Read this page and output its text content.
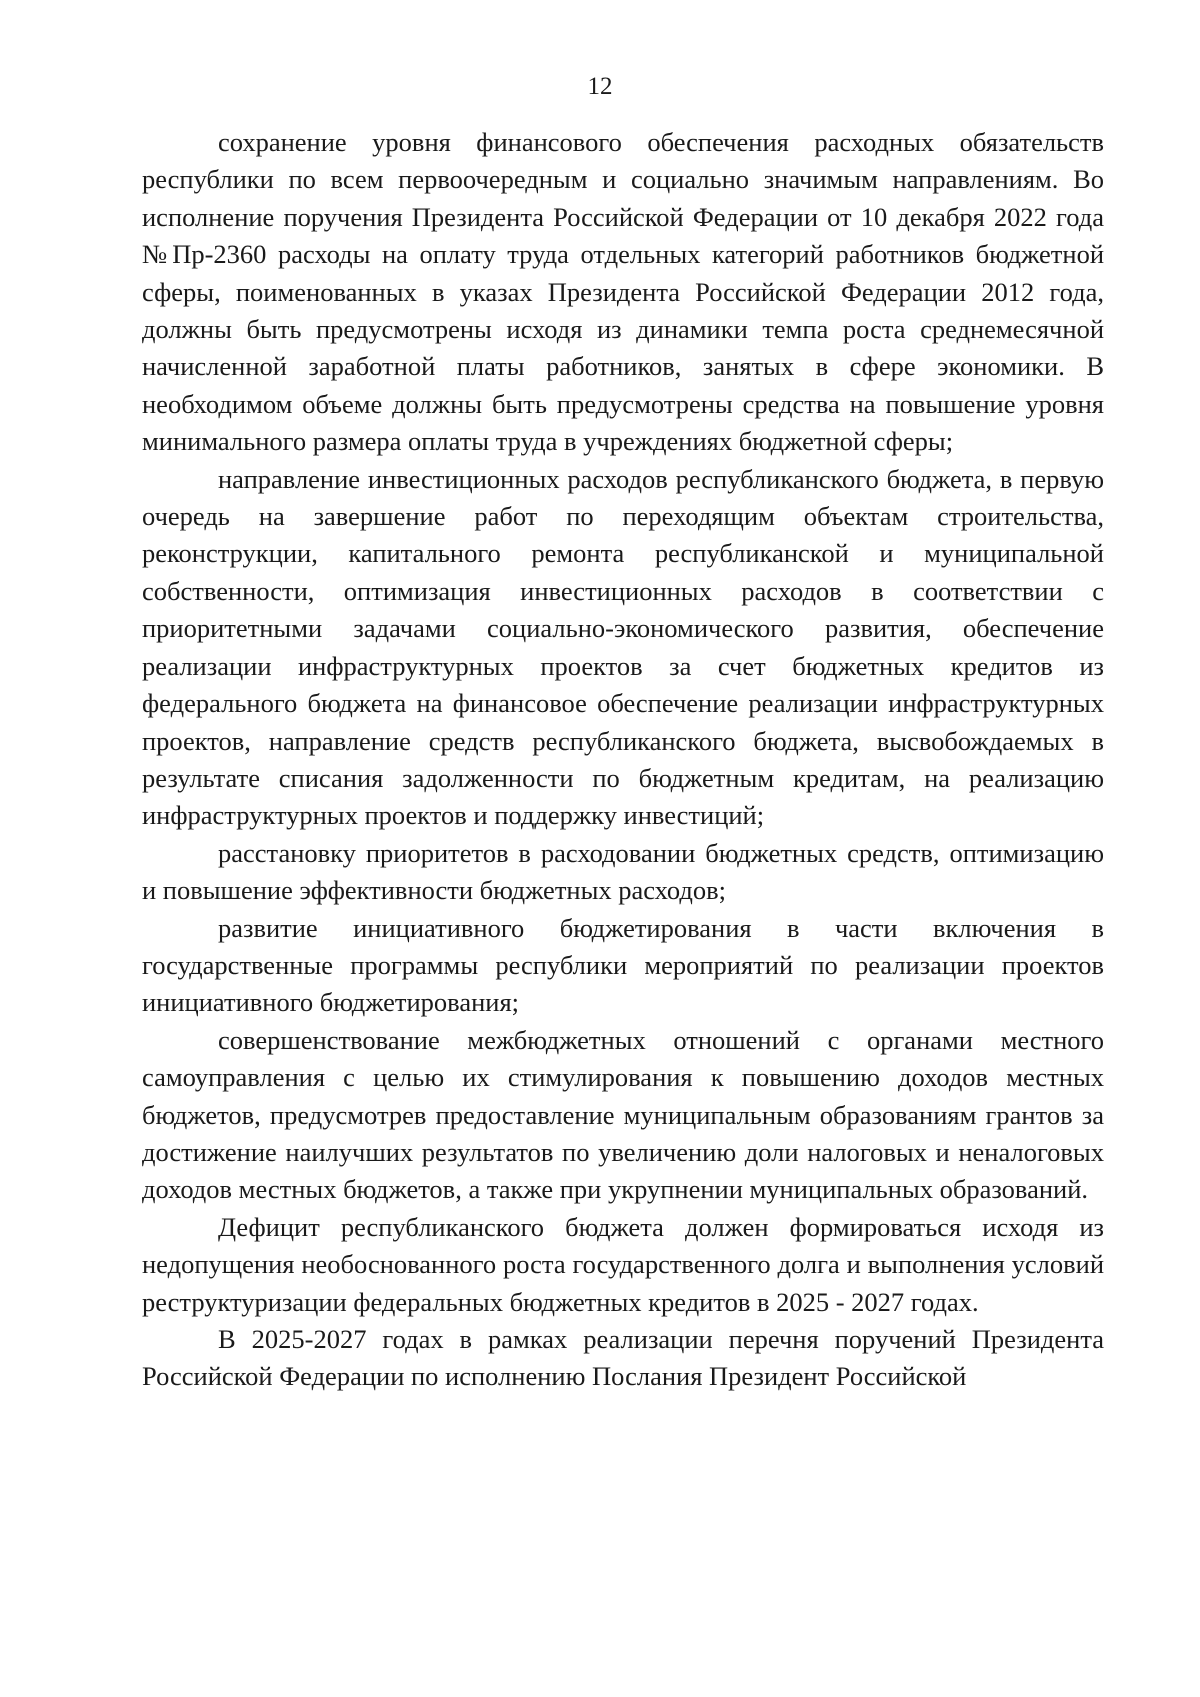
12

сохранение уровня финансового обеспечения расходных обязательств республики по всем первоочередным и социально значимым направлениям. Во исполнение поручения Президента Российской Федерации от 10 декабря 2022 года №Пр-2360 расходы на оплату труда отдельных категорий работников бюджетной сферы, поименованных в указах Президента Российской Федерации 2012 года, должны быть предусмотрены исходя из динамики темпа роста среднемесячной начисленной заработной платы работников, занятых в сфере экономики. В необходимом объеме должны быть предусмотрены средства на повышение уровня минимального размера оплаты труда в учреждениях бюджетной сферы;

направление инвестиционных расходов республиканского бюджета, в первую очередь на завершение работ по переходящим объектам строительства, реконструкции, капитального ремонта республиканской и муниципальной собственности, оптимизация инвестиционных расходов в соответствии с приоритетными задачами социально-экономического развития, обеспечение реализации инфраструктурных проектов за счет бюджетных кредитов из федерального бюджета на финансовое обеспечение реализации инфраструктурных проектов, направление средств республиканского бюджета, высвобождаемых в результате списания задолженности по бюджетным кредитам, на реализацию инфраструктурных проектов и поддержку инвестиций;

расстановку приоритетов в расходовании бюджетных средств, оптимизацию и повышение эффективности бюджетных расходов;

развитие инициативного бюджетирования в части включения в государственные программы республики мероприятий по реализации проектов инициативного бюджетирования;

совершенствование межбюджетных отношений с органами местного самоуправления с целью их стимулирования к повышению доходов местных бюджетов, предусмотрев предоставление муниципальным образованиям грантов за достижение наилучших результатов по увеличению доли налоговых и неналоговых доходов местных бюджетов, а также при укрупнении муниципальных образований.

Дефицит республиканского бюджета должен формироваться исходя из недопущения необоснованного роста государственного долга и выполнения условий реструктуризации федеральных бюджетных кредитов в 2025 - 2027 годах.

В 2025-2027 годах в рамках реализации перечня поручений Президента Российской Федерации по исполнению Послания Президент Российской
